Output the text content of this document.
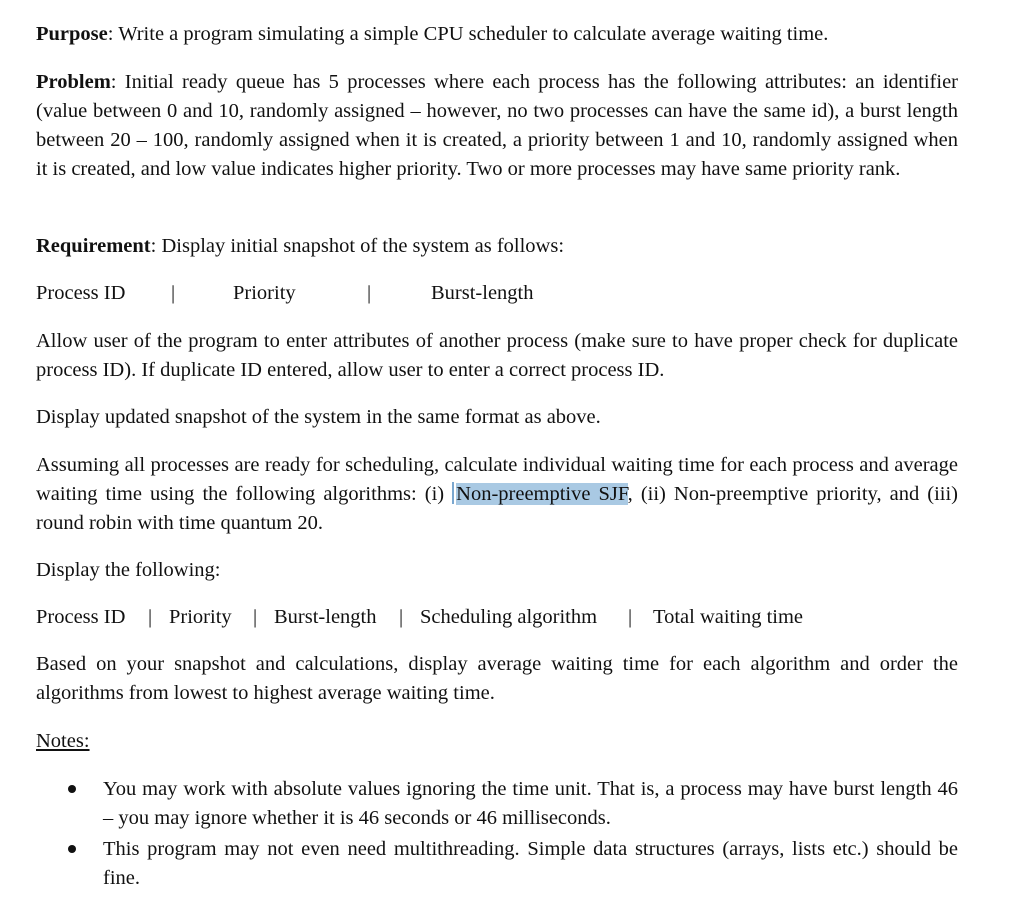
Purpose: Write a program simulating a simple CPU scheduler to calculate average waiting time.

Problem: Initial ready queue has 5 processes where each process has the following attributes: an identifier (value between 0 and 10, randomly assigned – however, no two processes can have the same id), a burst length between 20 – 100, randomly assigned when it is created, a priority between 1 and 10, randomly assigned when it is created, and low value indicates higher priority. Two or more processes may have same priority rank.

Requirement: Display initial snapshot of the system as follows:

Process ID |	Priority	|	Burst-length

Allow user of the program to enter attributes of another process (make sure to have proper check for duplicate process ID). If duplicate ID entered, allow user to enter a correct process ID.

Display updated snapshot of the system in the same format as above.

Assuming all processes are ready for scheduling, calculate individual waiting time for each process and average waiting time using the following algorithms: (i) Non-preemptive SJF, (ii) Non-preemptive priority, and (iii) round robin with time quantum 20.

Display the following:

Process ID | Priority | Burst-length | Scheduling algorithm | Total waiting time

Based on your snapshot and calculations, display average waiting time for each algorithm and order the algorithms from lowest to highest average waiting time.

Notes:

You may work with absolute values ignoring the time unit. That is, a process may have burst length 46 – you may ignore whether it is 46 seconds or 46 milliseconds.

This program may not even need multithreading. Simple data structures (arrays, lists etc.) should be fine.
